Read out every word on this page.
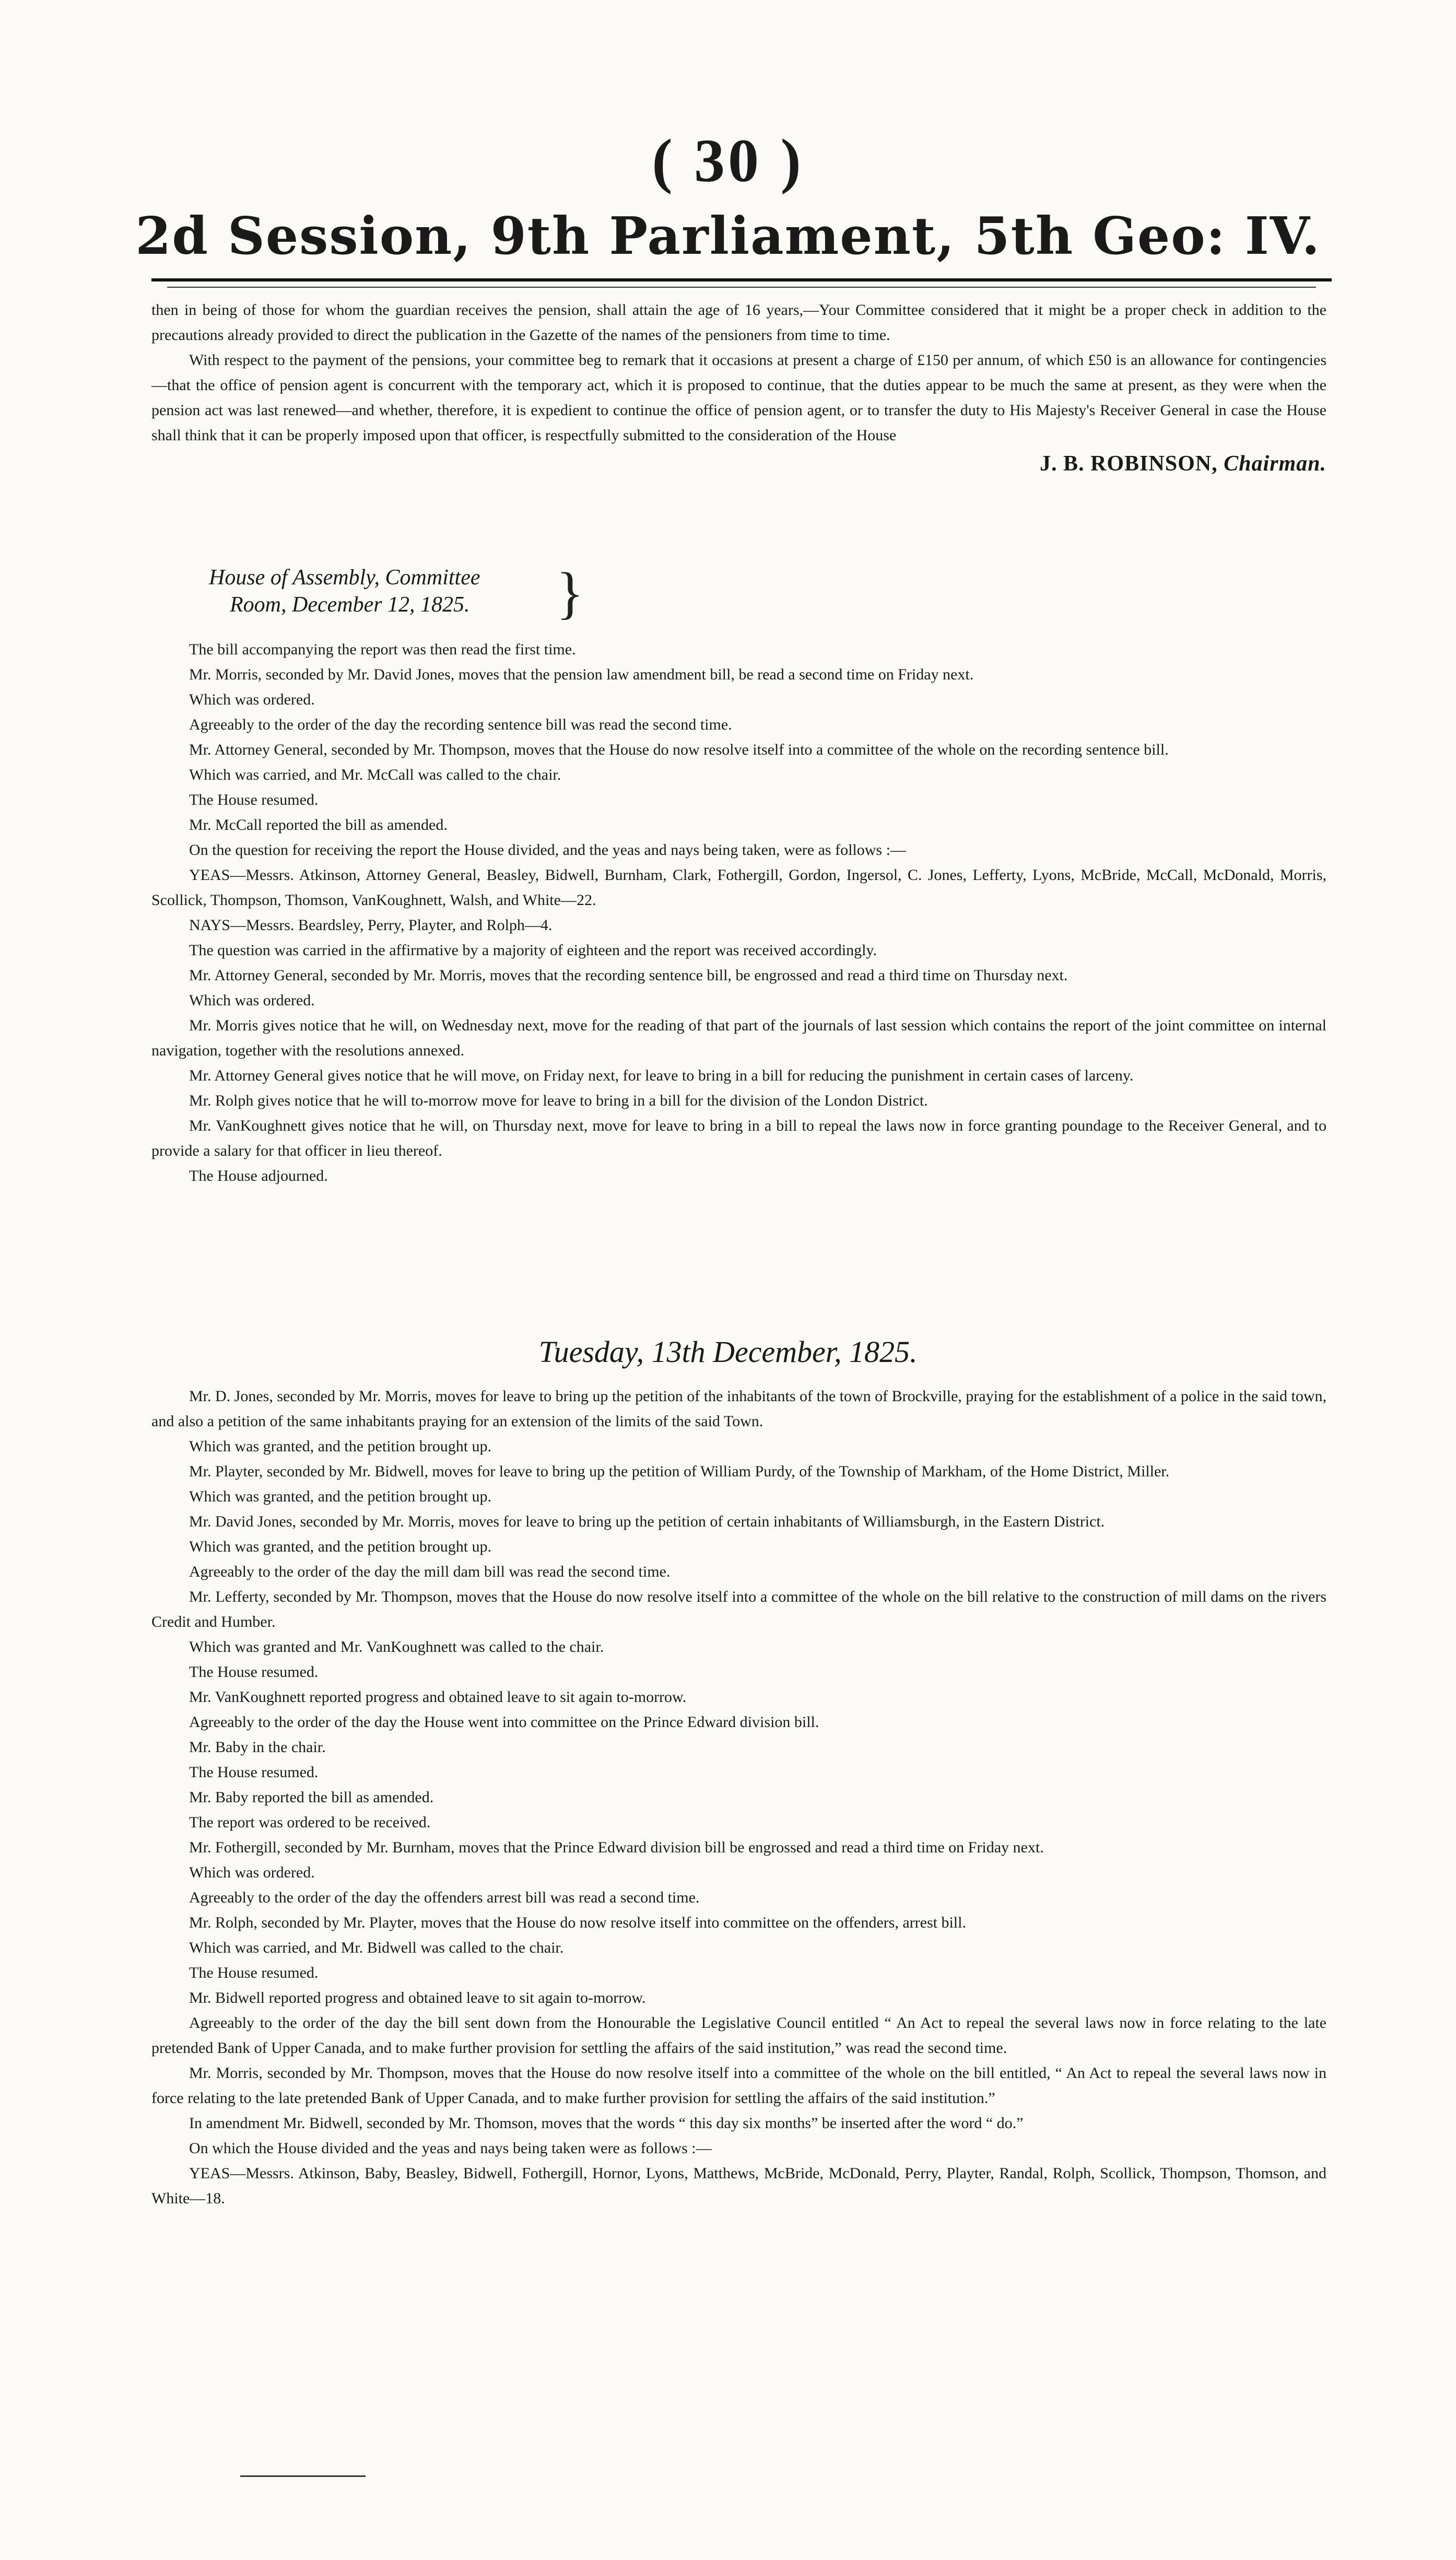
( 30 )
2d Session, 9th Parliament, 5th Geo: IV.

then in being of those for whom the guardian receives the pension, shall attain the age of 16 years,—Your Committee considered that it might be a proper check in addition to the precautions already provided to direct the publication in the Gazette of the names of the pensioners from time to time.

With respect to the payment of the pensions, your committee beg to remark that it occasions at present a charge of £150 per annum, of which £50 is an allowance for contingencies—that the office of pension agent is concurrent with the temporary act, which it is proposed to continue, that the duties appear to be much the same at present, as they were when the pension act was last renewed—and whether, therefore, it is expedient to continue the office of pension agent, or to transfer the duty to His Majesty's Receiver General in case the House shall think that it can be properly imposed upon that officer, is respectfully submitted to the consideration of the House

J. B. ROBINSON, Chairman.

House of Assembly, Committee
Room, December 12, 1825. }

The bill accompanying the report was then read the first time.

Mr. Morris, seconded by Mr. David Jones, moves that the pension law amendment bill, be read a second time on Friday next.

Which was ordered.

Agreeably to the order of the day the recording sentence bill was read the second time.

Mr. Attorney General, seconded by Mr. Thompson, moves that the House do now resolve itself into a committee of the whole on the recording sentence bill.

Which was carried, and Mr. McCall was called to the chair.

The House resumed.

Mr. McCall reported the bill as amended.

On the question for receiving the report the House divided, and the yeas and nays being taken, were as follows :—

YEAS—Messrs. Atkinson, Attorney General, Beasley, Bidwell, Burnham, Clark, Fothergill, Gordon, Ingersol, C. Jones, Lefferty, Lyons, McBride, McCall, McDonald, Morris, Scollick, Thompson, Thomson, VanKoughnett, Walsh, and White—22.

NAYS—Messrs. Beardsley, Perry, Playter, and Rolph—4.

The question was carried in the affirmative by a majority of eighteen and the report was received accordingly.

Mr. Attorney General, seconded by Mr. Morris, moves that the recording sentence bill, be engrossed and read a third time on Thursday next.

Which was ordered.

Mr. Morris gives notice that he will, on Wednesday next, move for the reading of that part of the journals of last session which contains the report of the joint committee on internal navigation, together with the resolutions annexed.

Mr. Attorney General gives notice that he will move, on Friday next, for leave to bring in a bill for reducing the punishment in certain cases of larceny.

Mr. Rolph gives notice that he will to-morrow move for leave to bring in a bill for the division of the London District.

Mr. VanKoughnett gives notice that he will, on Thursday next, move for leave to bring in a bill to repeal the laws now in force granting poundage to the Receiver General, and to provide a salary for that officer in lieu thereof.

The House adjourned.

Tuesday, 13th December, 1825.

Mr. D. Jones, seconded by Mr. Morris, moves for leave to bring up the petition of the inhabitants of the town of Brockville, praying for the establishment of a police in the said town, and also a petition of the same inhabitants praying for an extension of the limits of the said Town.

Which was granted, and the petition brought up.

Mr. Playter, seconded by Mr. Bidwell, moves for leave to bring up the petition of William Purdy, of the Township of Markham, of the Home District, Miller.

Which was granted, and the petition brought up.

Mr. David Jones, seconded by Mr. Morris, moves for leave to bring up the petition of certain inhabitants of Williamsburgh, in the Eastern District.

Which was granted, and the petition brought up.

Agreeably to the order of the day the mill dam bill was read the second time.

Mr. Lefferty, seconded by Mr. Thompson, moves that the House do now resolve itself into a committee of the whole on the bill relative to the construction of mill dams on the rivers Credit and Humber.

Which was granted and Mr. VanKoughnett was called to the chair.

The House resumed.

Mr. VanKoughnett reported progress and obtained leave to sit again to-morrow.

Agreeably to the order of the day the House went into committee on the Prince Edward division bill.

Mr. Baby in the chair.

The House resumed.

Mr. Baby reported the bill as amended.

The report was ordered to be received.

Mr. Fothergill, seconded by Mr. Burnham, moves that the Prince Edward division bill be engrossed and read a third time on Friday next.

Which was ordered.

Agreeably to the order of the day the offenders arrest bill was read a second time.

Mr. Rolph, seconded by Mr. Playter, moves that the House do now resolve itself into committee on the offenders, arrest bill.

Which was carried, and Mr. Bidwell was called to the chair.

The House resumed.

Mr. Bidwell reported progress and obtained leave to sit again to-morrow.

Agreeably to the order of the day the bill sent down from the Honourable the Legislative Council entitled “ An Act to repeal the several laws now in force relating to the late pretended Bank of Upper Canada, and to make further provision for settling the affairs of the said institution,” was read the second time.

Mr. Morris, seconded by Mr. Thompson, moves that the House do now resolve itself into a committee of the whole on the bill entitled, “ An Act to repeal the several laws now in force relating to the late pretended Bank of Upper Canada, and to make further provision for settling the affairs of the said institution.”

In amendment Mr. Bidwell, seconded by Mr. Thomson, moves that the words “ this day six months” be inserted after the word “ do.”

On which the House divided and the yeas and nays being taken were as follows :—

YEAS—Messrs. Atkinson, Baby, Beasley, Bidwell, Fothergill, Hornor, Lyons, Matthews, McBride, McDonald, Perry, Playter, Randal, Rolph, Scollick, Thompson, Thomson, and White—18.
